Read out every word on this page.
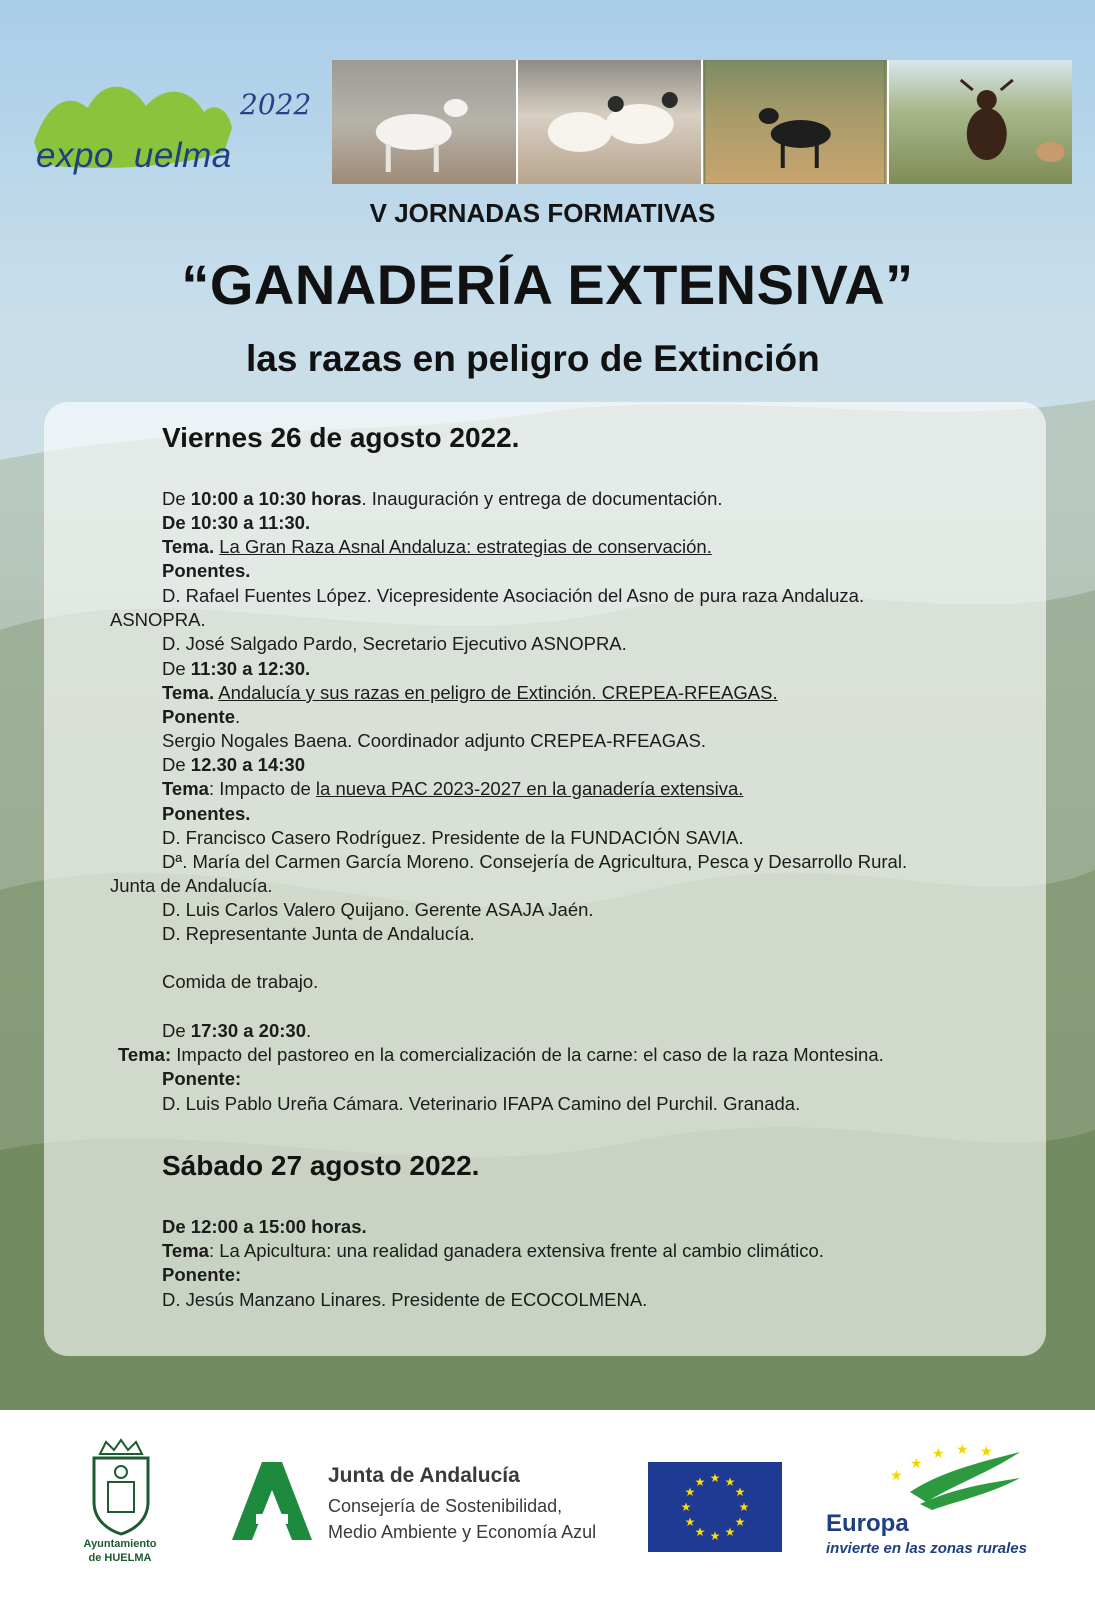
2022
expohuelma
V JORNADAS FORMATIVAS
“GANADERÍA EXTENSIVA”
las razas en peligro de Extinción
Viernes 26 de agosto 2022.
De 10:00 a 10:30 horas. Inauguración y entrega de documentación.
De 10:30 a 11:30.
Tema. La Gran Raza Asnal Andaluza: estrategias de conservación.
Ponentes.
D. Rafael Fuentes López. Vicepresidente Asociación del Asno de pura raza Andaluza.
ASNOPRA.
D. José Salgado Pardo, Secretario Ejecutivo ASNOPRA.
De 11:30 a 12:30.
Tema. Andalucía y sus razas en peligro de Extinción. CREPEA-RFEAGAS.
Ponente.
Sergio Nogales Baena. Coordinador adjunto CREPEA-RFEAGAS.
De 12.30 a 14:30
Tema: Impacto de la nueva PAC 2023-2027 en la ganadería extensiva.
Ponentes.
D. Francisco Casero Rodríguez. Presidente de la FUNDACIÓN SAVIA.
Dª. María del Carmen García Moreno. Consejería de Agricultura, Pesca y Desarrollo Rural.
Junta de Andalucía.
D. Luis Carlos Valero Quijano. Gerente ASAJA Jaén.
D. Representante Junta de Andalucía.
Comida de trabajo.
De 17:30 a 20:30.
Tema: Impacto del pastoreo en la comercialización de la carne: el caso de la raza Montesina.
Ponente:
D. Luis Pablo Ureña Cámara. Veterinario IFAPA Camino del Purchil. Granada.
Sábado 27 agosto 2022.
De 12:00 a 15:00 horas.
Tema: La Apicultura: una realidad ganadera extensiva frente al cambio climático.
Ponente:
D. Jesús Manzano Linares. Presidente de ECOCOLMENA.
Ayuntamiento
de HUELMA
Junta de Andalucía
Consejería de Sostenibilidad,
Medio Ambiente y Economía Azul
★ ★
★
★
★
★
★
★
★
★
★
★	★
★
★ ★ ★
Europa
invierte en las zonas rurales
